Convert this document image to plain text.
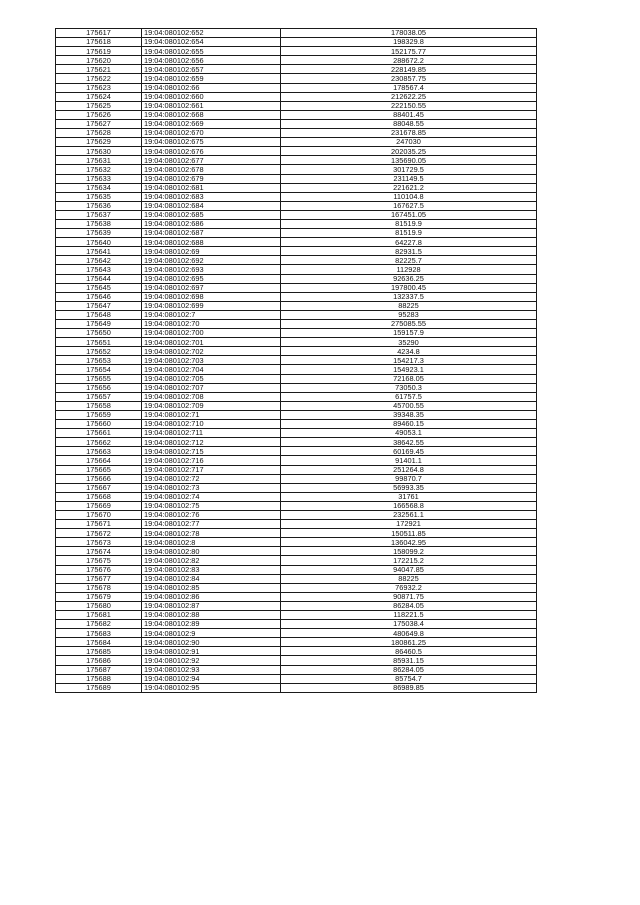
175617	19:04:080102:652	178038.05
175618	19:04:080102:654	198329.8
175619	19:04:080102:655	152175.77
175620	19:04:080102:656	288672.2
175621	19:04:080102:657	228149.85
175622	19:04:080102:659	230857.75
175623	19:04:080102:66	178567.4
175624	19:04:080102:660	212622.25
175625	19:04:080102:661	222150.55
175626	19:04:080102:668	88401.45
175627	19:04:080102:669	88048.55
175628	19:04:080102:670	231678.85
175629	19:04:080102:675	247030
175630	19:04:080102:676	202035.25
175631	19:04:080102:677	135690.05
175632	19:04:080102:678	301729.5
175633	19:04:080102:679	231149.5
175634	19:04:080102:681	221621.2
175635	19:04:080102:683	110104.8
175636	19:04:080102:684	167627.5
175637	19:04:080102:685	167451.05
175638	19:04:080102:686	81519.9
175639	19:04:080102:687	81519.9
175640	19:04:080102:688	64227.8
175641	19:04:080102:69	82931.5
175642	19:04:080102:692	82225.7
175643	19:04:080102:693	112928
175644	19:04:080102:695	92636.25
175645	19:04:080102:697	197800.45
175646	19:04:080102:698	132337.5
175647	19:04:080102:699	88225
175648	19:04:080102:7	95283
175649	19:04:080102:70	275085.55
175650	19:04:080102:700	159157.9
175651	19:04:080102:701	35290
175652	19:04:080102:702	4234.8
175653	19:04:080102:703	154217.3
175654	19:04:080102:704	154923.1
175655	19:04:080102:705	72168.05
175656	19:04:080102:707	73050.3
175657	19:04:080102:708	61757.5
175658	19:04:080102:709	45700.55
175659	19:04:080102:71	39348.35
175660	19:04:080102:710	89460.15
175661	19:04:080102:711	49053.1
175662	19:04:080102:712	38642.55
175663	19:04:080102:715	60169.45
175664	19:04:080102:716	91401.1
175665	19:04:080102:717	251264.8
175666	19:04:080102:72	99870.7
175667	19:04:080102:73	56993.35
175668	19:04:080102:74	31761
175669	19:04:080102:75	166568.8
175670	19:04:080102:76	232561.1
175671	19:04:080102:77	172921
175672	19:04:080102:78	150511.85
175673	19:04:080102:8	136042.95
175674	19:04:080102:80	158099.2
175675	19:04:080102:82	172215.2
175676	19:04:080102:83	94047.85
175677	19:04:080102:84	88225
175678	19:04:080102:85	76932.2
175679	19:04:080102:86	90871.75
175680	19:04:080102:87	86284.05
175681	19:04:080102:88	118221.5
175682	19:04:080102:89	175038.4
175683	19:04:080102:9	480649.8
175684	19:04:080102:90	180861.25
175685	19:04:080102:91	86460.5
175686	19:04:080102:92	85931.15
175687	19:04:080102:93	86284.05
175688	19:04:080102:94	85754.7
175689	19:04:080102:95	86989.85
